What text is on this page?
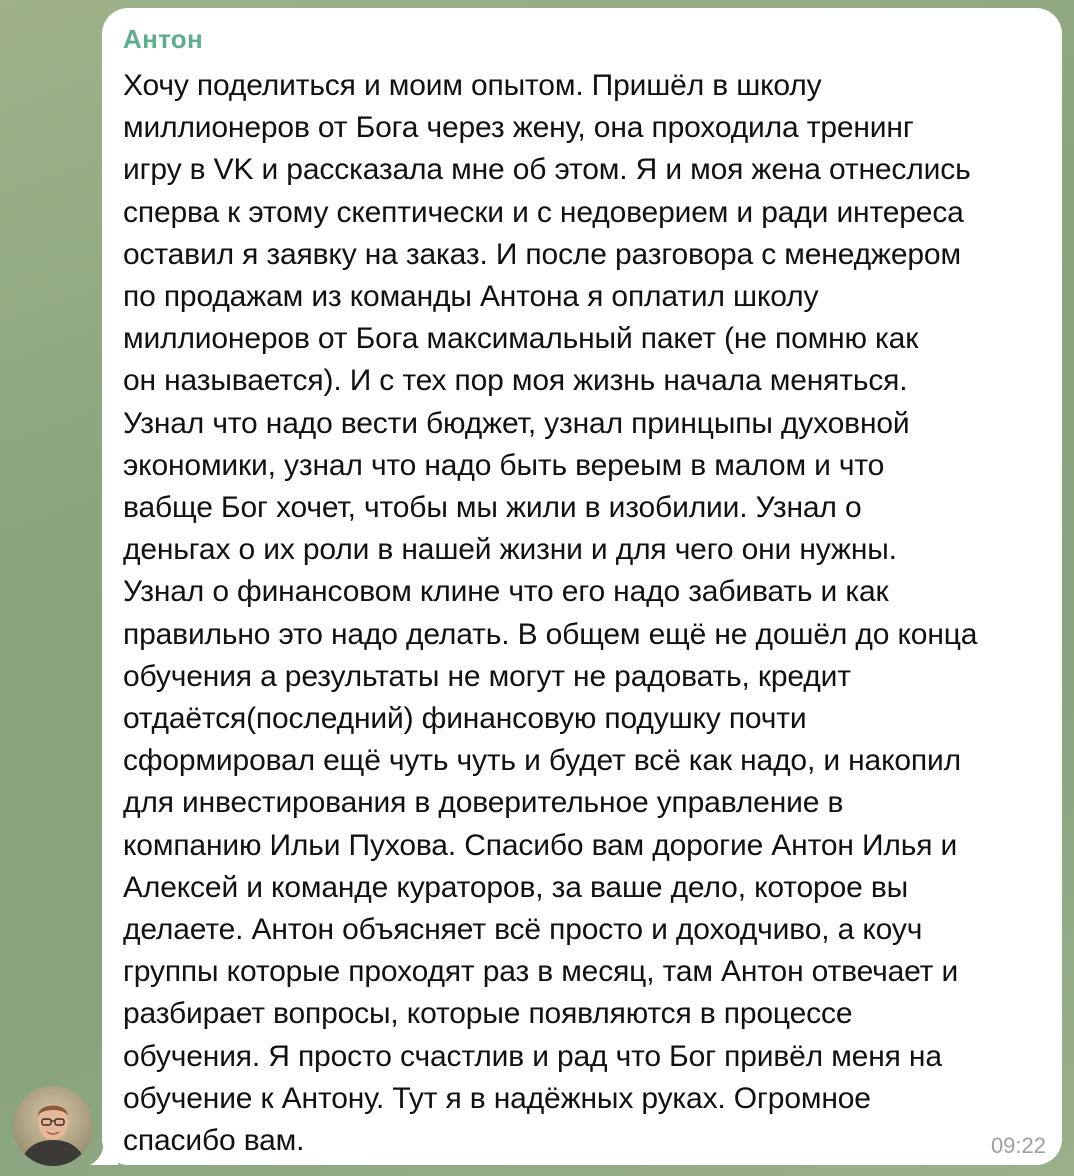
Антон
Хочу поделиться и моим опытом. Пришёл в школу
миллионеров от Бога через жену, она проходила тренинг
игру в VK и рассказала мне об этом. Я и моя жена отнеслись
сперва к этому скептически и с недоверием и ради интереса
оставил я заявку на заказ. И после разговора с менеджером
по продажам из команды Антона я оплатил школу
миллионеров от Бога максимальный пакет (не помню как
он называется). И с тех пор моя жизнь начала меняться.
Узнал что надо вести бюджет, узнал принцыпы духовной
экономики, узнал что надо быть вереым в малом и что
вабще Бог хочет, чтобы мы жили в изобилии. Узнал о
деньгах о их роли в нашей жизни и для чего они нужны.
Узнал о финансовом клине что его надо забивать и как
правильно это надо делать. В общем ещё не дошёл до конца
обучения а результаты не могут не радовать, кредит
отдаётся(последний) финансовую подушку почти
сформировал ещё чуть чуть и будет всё как надо, и накопил
для инвестирования в доверительное управление в
компанию Ильи Пухова. Спасибо вам дорогие Антон Илья и
Алексей и команде кураторов, за ваше дело, которое вы
делаете. Антон объясняет всё просто и доходчиво, а коуч
группы которые проходят раз в месяц, там Антон отвечает и
разбирает вопросы, которые появляются в процессе
обучения. Я просто счастлив и рад что Бог привёл меня на
обучение к Антону. Тут я в надёжных руках. Огромное
спасибо вам.	09:22
